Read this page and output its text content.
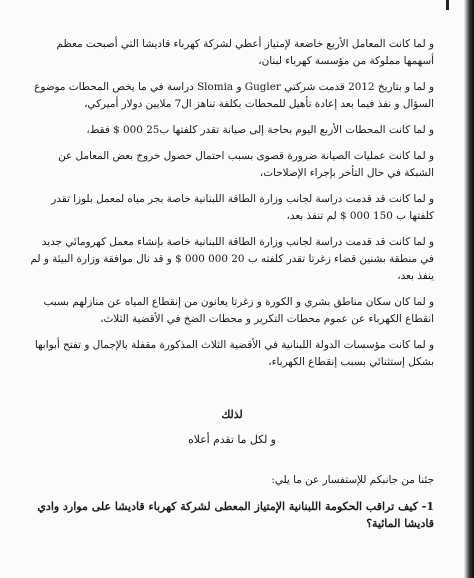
و لما كانت المعامل الأربع خاضعة لإمتياز أعطي لشركة كهرباء قاديشا التي أصبحت معظم أسهمها مملوكة من مؤسسة كهرباء لبنان،

و لما و بتاريخ 2012 قدمت شركتي Gugler و Slomia دراسة في ما يخص المحطات موضوع السؤال و نفذ فيما بعد إعادة تأهيل للمحطات بكلفة تناهز ال7 ملايين دولار أميركي،

و لما كانت المحطات الأربع اليوم بحاجة إلى صيانة تقدر كلفتها ب25 000 $ فقط،

و لما كانت عمليات الصيانة ضرورة قصوى بسبب احتمال حصول خروج بعض المعامل عن الشبكة في حال التأخر بإجراء الإصلاحات،

و لما كانت قد قدمت دراسة لجانب وزارة الطاقة اللبنانية خاصة بجر مياه لمعمل بلوزا تقدر كلفتها ب 150 000 $ لم تنفذ بعد،

و لما كانت قد قدمت دراسة لجانب وزارة الطاقة اللبنانية خاصة بإنشاء معمل كهرومائي جديد في منطقة بشنين قضاء زغرتا تقدر كلفته ب 20 000 000 $ و قد نال موافقة وزارة البيئة و لم ينفذ بعد،

و لما كان سكان مناطق بشري و الكورة و زغرتا يعانون من إنقطاع المياه عن منازلهم بسبب انقطاع الكهرباء عن عموم محطات التكرير و محطات الضخ في الأقضية الثلاث،

و لما كانت مؤسسات الدولة اللبنانية في الأقضية الثلاث المذكورة مقفلة بالإجمال و تفتح أبوابها بشكل إستثنائي بسبب إنقطاع الكهرباء،

لذلك

و لكل ما تقدم أعلاه

جئنا من جانبكم للإستفسار عن ما يلي:

1- كيف تراقب الحكومة اللبنانية الإمتياز المعطى لشركة كهرباء قاديشا على موارد وادي قاديشا المائية؟
